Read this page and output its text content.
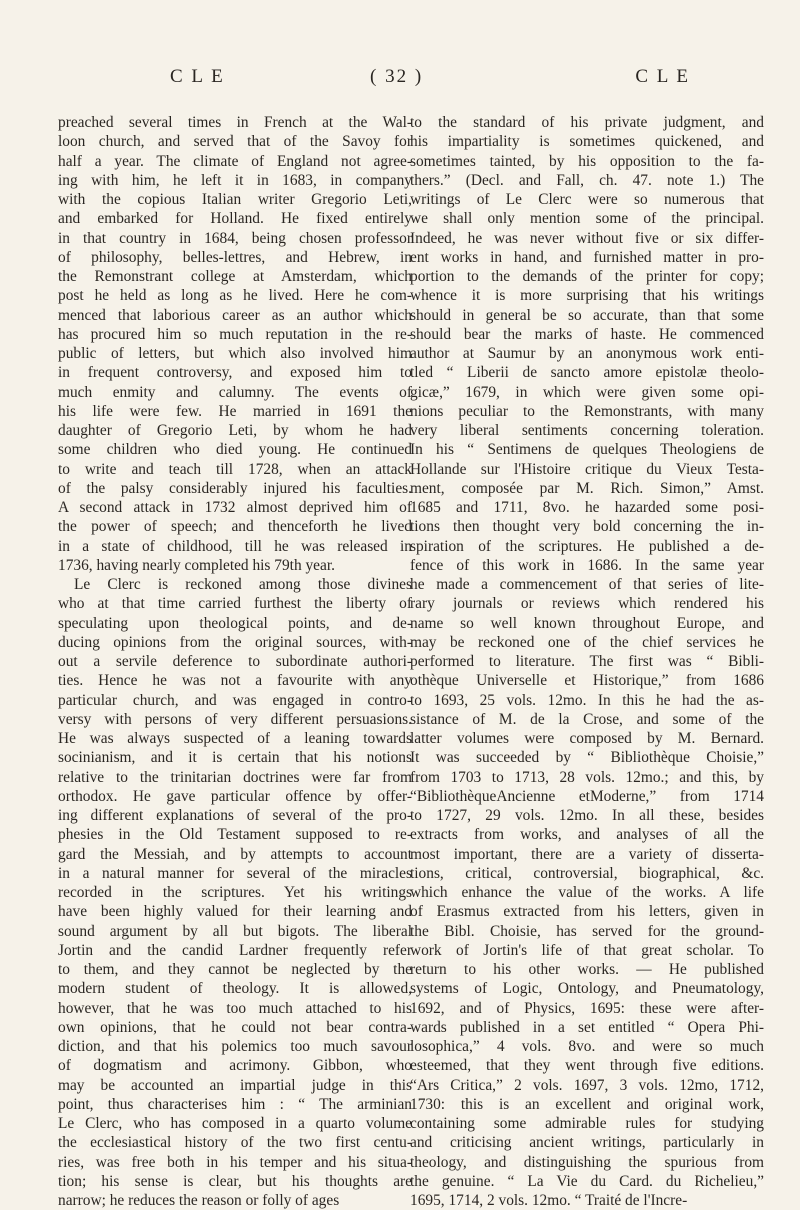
C L E	( 32 )	C L E
preached several times in French at the Wal-
loon church, and served that of the Savoy for
half a year. The climate of England not agree-
ing with him, he left it in 1683, in company
with the copious Italian writer Gregorio Leti,
and embarked for Holland. He fixed entirely
in that country in 1684, being chosen professor
of philosophy, belles-lettres, and Hebrew, in
the Remonstrant college at Amsterdam, which
post he held as long as he lived. Here he com-
menced that laborious career as an author which
has procured him so much reputation in the re-
public of letters, but which also involved him
in frequent controversy, and exposed him to
much enmity and calumny. The events of
his life were few. He married in 1691 the
daughter of Gregorio Leti, by whom he had
some children who died young. He continued
to write and teach till 1728, when an attack
of the palsy considerably injured his faculties.
A second attack in 1732 almost deprived him of
the power of speech; and thenceforth he lived
in a state of childhood, till he was released in
1736, having nearly completed his 79th year.
Le Clerc is reckoned among those divines
who at that time carried furthest the liberty of
speculating upon theological points, and de-
ducing opinions from the original sources, with-
out a servile deference to subordinate authori-
ties. Hence he was not a favourite with any
particular church, and was engaged in contro-
versy with persons of very different persuasions.
He was always suspected of a leaning towards
socinianism, and it is certain that his notions
relative to the trinitarian doctrines were far from
orthodox. He gave particular offence by offer-
ing different explanations of several of the pro-
phesies in the Old Testament supposed to re-
gard the Messiah, and by attempts to account
in a natural manner for several of the miracles
recorded in the scriptures. Yet his writings
have been highly valued for their learning and
sound argument by all but bigots. The liberal
Jortin and the candid Lardner frequently refer
to them, and they cannot be neglected by the
modern student of theology. It is allowed,
however, that he was too much attached to his
own opinions, that he could not bear contra-
diction, and that his polemics too much savour
of dogmatism and acrimony. Gibbon, who
may be accounted an impartial judge in this
point, thus characterises him : “ The arminian
Le Clerc, who has composed in a quarto volume
the ecclesiastical history of the two first centu-
ries, was free both in his temper and his situa-
tion; his sense is clear, but his thoughts are
narrow; he reduces the reason or folly of ages
to the standard of his private judgment, and
his impartiality is sometimes quickened, and
sometimes tainted, by his opposition to the fa-
thers.” (Decl. and Fall, ch. 47. note 1.) The
writings of Le Clerc were so numerous that
we shall only mention some of the principal.
Indeed, he was never without five or six differ-
ent works in hand, and furnished matter in pro-
portion to the demands of the printer for copy;
whence it is more surprising that his writings
should in general be so accurate, than that some
should bear the marks of haste. He commenced
author at Saumur by an anonymous work enti-
tled “ Liberii de sancto amore epistolæ theolo-
gicæ,” 1679, in which were given some opi-
nions peculiar to the Remonstrants, with many
very liberal sentiments concerning toleration.
In his “ Sentimens de quelques Theologiens de
Hollande sur l'Histoire critique du Vieux Testa-
ment, composée par M. Rich. Simon,” Amst.
1685 and 1711, 8vo. he hazarded some posi-
tions then thought very bold concerning the in-
spiration of the scriptures. He published a de-
fence of this work in 1686. In the same year
he made a commencement of that series of lite-
rary journals or reviews which rendered his
name so well known throughout Europe, and
may be reckoned one of the chief services he
performed to literature. The first was “ Bibli-
othèque Universelle et Historique,” from 1686
to 1693, 25 vols. 12mo. In this he had the as-
sistance of M. de la Crose, and some of the
latter volumes were composed by M. Bernard.
It was succeeded by “ Bibliothèque Choisie,”
from 1703 to 1713, 28 vols. 12mo.; and this, by
“BibliothèqueAncienne etModerne,” from 1714
to 1727, 29 vols. 12mo. In all these, besides
extracts from works, and analyses of all the
most important, there are a variety of disserta-
tions, critical, controversial, biographical, &c.
which enhance the value of the works. A life
of Erasmus extracted from his letters, given in
the Bibl. Choisie, has served for the ground-
work of Jortin's life of that great scholar. To
return to his other works. — He published
systems of Logic, Ontology, and Pneumatology,
1692, and of Physics, 1695: these were after-
wards published in a set entitled “ Opera Phi-
losophica,” 4 vols. 8vo. and were so much
esteemed, that they went through five editions.
“Ars Critica,” 2 vols. 1697, 3 vols. 12mo, 1712,
1730: this is an excellent and original work,
containing some admirable rules for studying
and criticising ancient writings, particularly in
theology, and distinguishing the spurious from
the genuine. “ La Vie du Card. du Richelieu,”
1695, 1714, 2 vols. 12mo. “ Traité de l'Incre-
